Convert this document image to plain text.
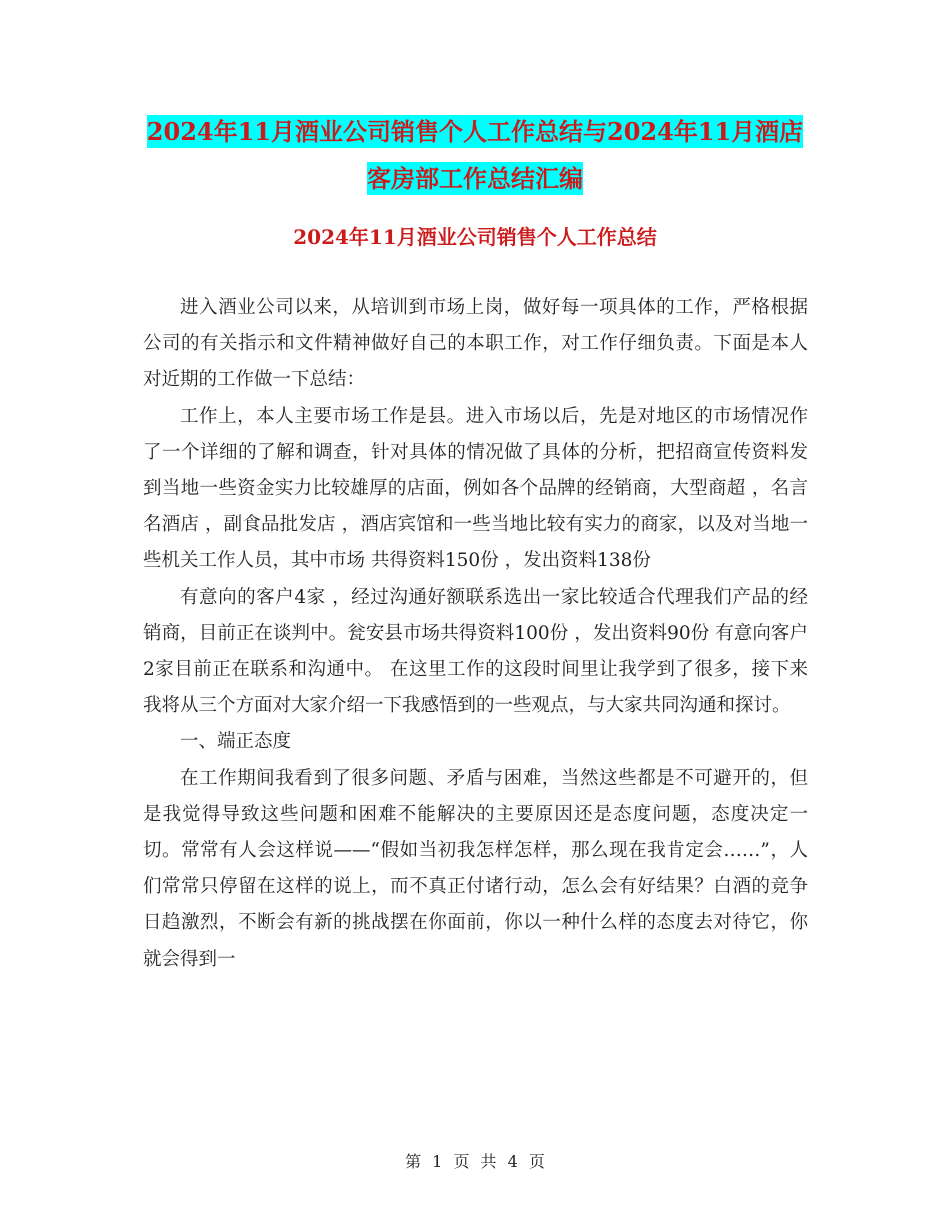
2024年11月酒业公司销售个人工作总结与2024年11月酒店客房部工作总结汇编
2024年11月酒业公司销售个人工作总结

进入酒业公司以来，从培训到市场上岗，做好每一项具体的工作，严格根据公司的有关指示和文件精神做好自己的本职工作，对工作仔细负责。下面是本人对近期的工作做一下总结：

工作上，本人主要市场工作是县。进入市场以后，先是对地区的市场情况作了一个详细的了解和调查，针对具体的情况做了具体的分析，把招商宣传资料发到当地一些资金实力比较雄厚的店面，例如各个品牌的经销商，大型商超 ，名言名酒店 ，副食品批发店 ，酒店宾馆和一些当地比较有实力的商家，以及对当地一些机关工作人员，其中市场 共得资料150份 ，发出资料138份

有意向的客户4家 ，经过沟通好额联系选出一家比较适合代理我们产品的经销商，目前正在谈判中。瓮安县市场共得资料100份 ，发出资料90份 有意向客户2家目前正在联系和沟通中。 在这里工作的这段时间里让我学到了很多，接下来我将从三个方面对大家介绍一下我感悟到的一些观点，与大家共同沟通和探讨。

一、端正态度

在工作期间我看到了很多问题、矛盾与困难，当然这些都是不可避开的，但是我觉得导致这些问题和困难不能解决的主要原因还是态度问题，态度决定一切。常常有人会这样说——“假如当初我怎样怎样，那么现在我肯定会……”，人们常常只停留在这样的说上，而不真正付诸行动，怎么会有好结果？白酒的竞争日趋激烈，不断会有新的挑战摆在你面前，你以一种什么样的态度去对待它，你就会得到一

第 1 页 共 4 页
